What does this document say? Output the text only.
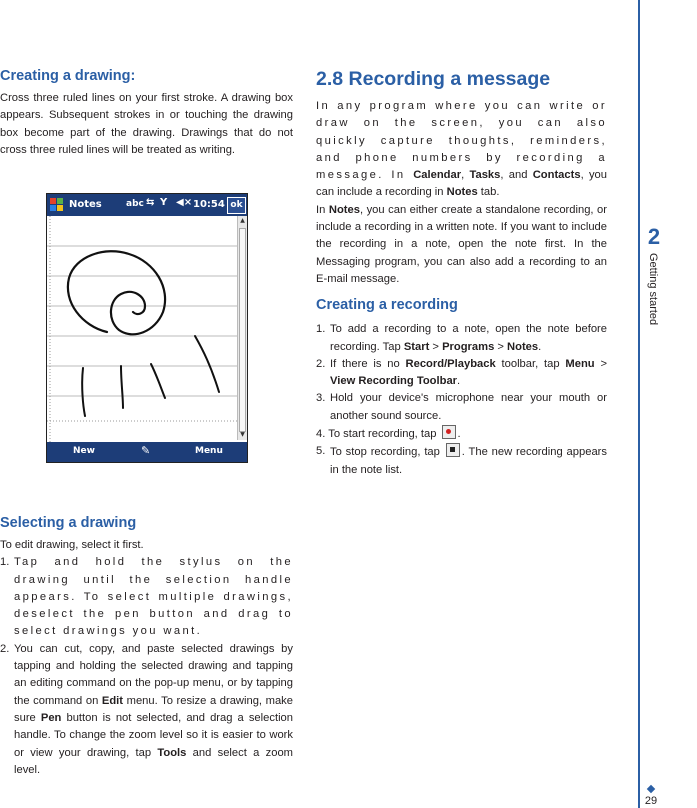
2
Getting started
29
Creating a drawing:

Cross three ruled lines on your first stroke. A drawing box appears. Subsequent strokes in or touching the drawing box become part of the drawing. Drawings that do not cross three ruled lines will be treated as writing.

Notes	abc ⇆ Y ◀× 10:54 ok
▲
▼
New	✎	Menu
Selecting a drawing

To edit drawing, select it first.

1. Tap and hold the stylus on the drawing until the selection handle appears. To select multiple drawings, deselect the pen button and drag to select drawings you want.
2. You can cut, copy, and paste selected drawings by tapping and holding the selected drawing and tapping an editing command on the pop-up menu, or by tapping the command on Edit menu. To resize a drawing, make sure Pen button is not selected, and drag a selection handle. To change the zoom level so it is easier to work or view your drawing, tap Tools and select a zoom level.
2.8 Recording a message

In any program where you can write or draw on the screen, you can also quickly capture thoughts, reminders, and phone numbers by recording a message. In Calendar, Tasks, and Contacts, you can include a recording in Notes tab.

In Notes, you can either create a standalone recording, or include a recording in a written note. If you want to include the recording in a note, open the note first. In the Messaging program, you can also add a recording to an E-mail message.

Creating a recording
1. To add a recording to a note, open the note before recording. Tap Start > Programs > Notes.
2. If there is no Record/Playback toolbar, tap Menu > View Recording Toolbar.
3. Hold your device's microphone near your mouth or another sound source.

4. To start recording, tap .

5. To stop recording, tap . The new recording appears in the note list.
